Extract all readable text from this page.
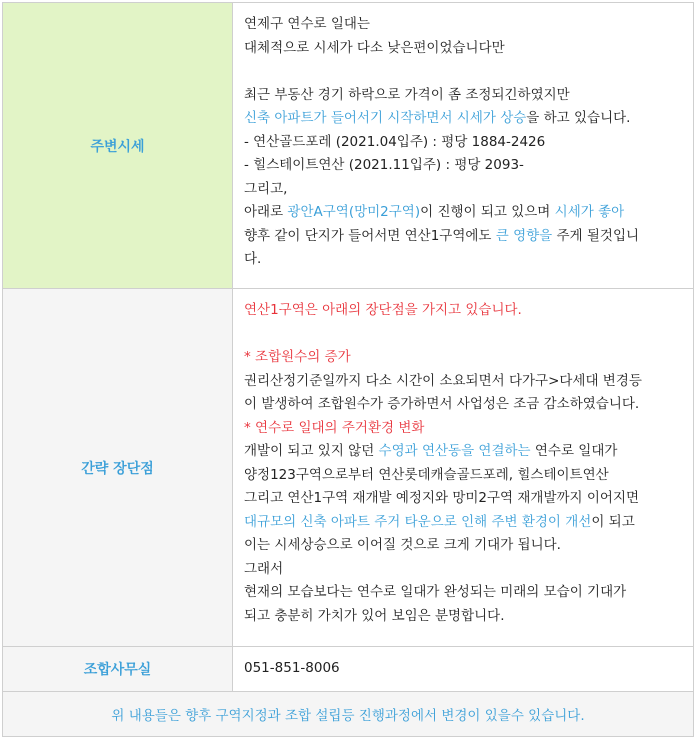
주변시세
연제구 연수로 일대는
대체적으로 시세가 다소 낮은편이었습니다만
최근 부동산 경기 하락으로 가격이 좀 조정되긴하였지만
신축 아파트가 들어서기 시작하면서 시세가 상승을 하고 있습니다.
- 연산골드포레 (2021.04입주) : 평당 1884-2426
- 힐스테이트연산 (2021.11입주) : 평당 2093-
그리고,
아래로 광안A구역(망미2구역)이 진행이 되고 있으며 시세가 좋아
향후 같이 단지가 들어서면 연산1구역에도 큰 영향을 주게 될것입니
다.
간략 장단점
연산1구역은 아래의 장단점을 가지고 있습니다.
* 조합원수의 증가
권리산정기준일까지 다소 시간이 소요되면서 다가구>다세대 변경등
이 발생하여 조합원수가 증가하면서 사업성은 조금 감소하였습니다.
* 연수로 일대의 주거환경 변화
개발이 되고 있지 않던 수영과 연산동을 연결하는 연수로 일대가
양정123구역으로부터 연산롯데캐슬골드포레, 힐스테이트연산
그리고 연산1구역 재개발 예정지와 망미2구역 재개발까지 이어지면
대규모의 신축 아파트 주거 타운으로 인해 주변 환경이 개선이 되고
이는 시세상승으로 이어질 것으로 크게 기대가 됩니다.
그래서
현재의 모습보다는 연수로 일대가 완성되는 미래의 모습이 기대가
되고 충분히 가치가 있어 보임은 분명합니다.
조합사무실	051-851-8006
위 내용들은 향후 구역지정과 조합 설립등 진행과정에서 변경이 있을수 있습니다.
